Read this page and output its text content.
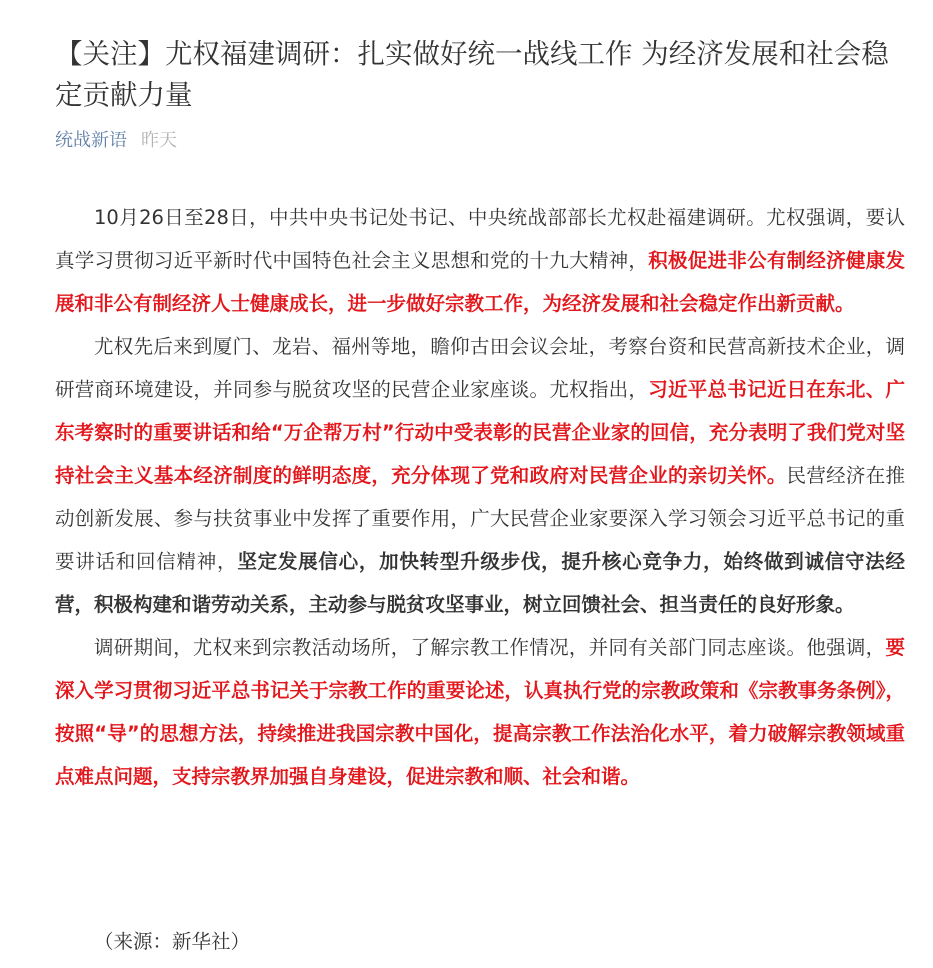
【关注】尤权福建调研：扎实做好统一战线工作 为经济发展和社会稳定贡献力量
统战新语 昨天

10月26日至28日，中共中央书记处书记、中央统战部部长尤权赴福建调研。尤权强调，要认真学习贯彻习近平新时代中国特色社会主义思想和党的十九大精神，积极促进非公有制经济健康发展和非公有制经济人士健康成长，进一步做好宗教工作，为经济发展和社会稳定作出新贡献。

尤权先后来到厦门、龙岩、福州等地，瞻仰古田会议会址，考察台资和民营高新技术企业，调研营商环境建设，并同参与脱贫攻坚的民营企业家座谈。尤权指出，习近平总书记近日在东北、广东考察时的重要讲话和给“万企帮万村”行动中受表彰的民营企业家的回信，充分表明了我们党对坚持社会主义基本经济制度的鲜明态度，充分体现了党和政府对民营企业的亲切关怀。民营经济在推动创新发展、参与扶贫事业中发挥了重要作用，广大民营企业家要深入学习领会习近平总书记的重要讲话和回信精神，坚定发展信心，加快转型升级步伐，提升核心竞争力，始终做到诚信守法经营，积极构建和谐劳动关系，主动参与脱贫攻坚事业，树立回馈社会、担当责任的良好形象。

调研期间，尤权来到宗教活动场所，了解宗教工作情况，并同有关部门同志座谈。他强调，要深入学习贯彻习近平总书记关于宗教工作的重要论述，认真执行党的宗教政策和《宗教事务条例》，按照“导”的思想方法，持续推进我国宗教中国化，提高宗教工作法治化水平，着力破解宗教领域重点难点问题，支持宗教界加强自身建设，促进宗教和顺、社会和谐。

（来源：新华社）
